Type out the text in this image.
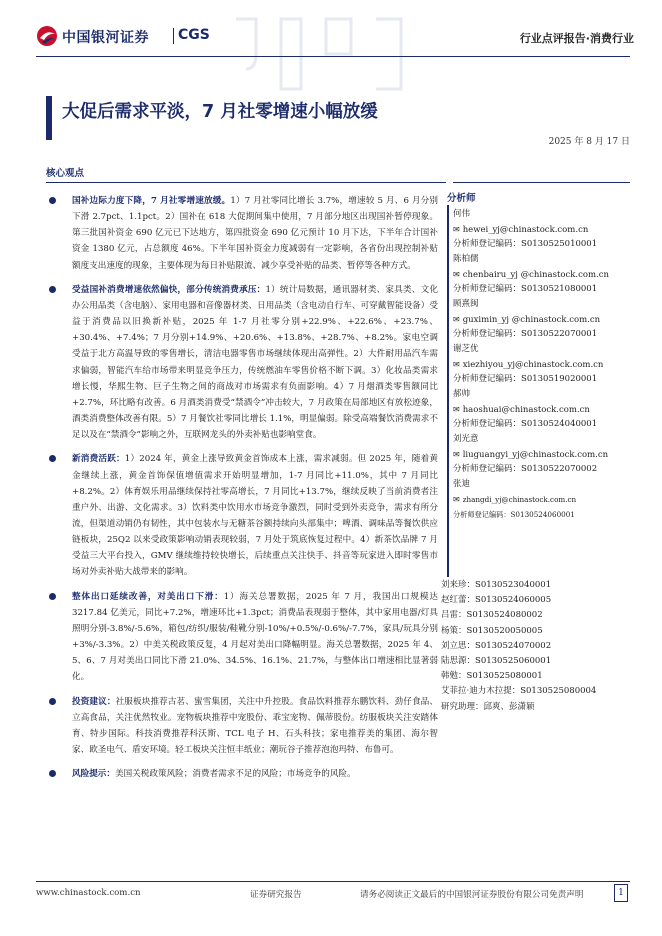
中国银河证券 CGS	行业点评报告·消费行业
大促后需求平淡，7 月社零增速小幅放缓
2025 年 8 月 17 日
核心观点
国补边际力度下降，7 月社零增速放缓。1）7 月社零同比增长 3.7%，增速较 5 月、6 月分别下滑 2.7pct、1.1pct。2）国补在 618 大促期间集中使用，7 月部分地区出现国补暂停现象。第三批国补资金 690 亿元已下达地方，第四批资金 690 亿元预计 10 月下达，下半年合计国补资金 1380 亿元，占总额度 46%。下半年国补资金力度减弱有一定影响，各省份出现控制补贴额度支出速度的现象，主要体现为每日补贴限流、减少享受补贴的品类、暂停等各种方式。
受益国补消费增速依然偏快，部分传统消费承压：1）统计局数据，通讯器材类、家具类、文化办公用品类（含电脑）、家用电器和音像器材类、日用品类（含电动自行车、可穿戴智能设备）受益于消费品以旧换新补贴，2025 年 1-7 月社零分别+22.9%、+22.6%、+23.7%、+30.4%、+7.4%；7 月分别+14.9%、+20.6%、+13.8%、+28.7%、+8.2%。家电空调受益于北方高温导致的零售增长，清洁电器零售市场继续体现出高弹性。2）大件耐用品汽车需求偏弱，智能汽车给市场带来明显竞争压力，传统燃油车零售价格不断下调。3）化妆品类需求增长慢，华熙生物、巨子生物之间的商战对市场需求有负面影响。4）7 月烟酒类零售额同比+2.7%，环比略有改善。6 月酒类消费受“禁酒令”冲击较大，7 月政策在局部地区有放松迹象，酒类消费整体改善有限。5）7 月餐饮社零同比增长 1.1%，明显偏弱。除受高端餐饮消费需求不足以及在“禁酒令”影响之外，互联网龙头的外卖补贴也影响堂食。
新消费活跃：1）2024 年，黄金上涨导致黄金首饰成本上涨，需求减弱。但 2025 年，随着黄金继续上涨，黄金首饰保值增值需求开始明显增加，1-7 月同比+11.0%，其中 7 月同比+8.2%。2）体育娱乐用品继续保持社零高增长，7 月同比+13.7%，继续反映了当前消费者注重户外、出游、文化需求。3）饮料类中饮用水市场竞争激烈，同时受到外卖竞争，需求有所分流，但渠道动销仍有韧性，其中包装水与无糖茶谷额持续向头部集中；啤酒、调味品等餐饮供应链板块，25Q2 以来受政策影响动销表现较弱，7 月处于筑底恢复过程中。4）新茶饮品牌 7 月受益三大平台投入，GMV 继续维持较快增长，后续重点关注快手、抖音等玩家进入即时零售市场对外卖补贴大战带来的影响。
整体出口延续改善，对美出口下滑：1）海关总署数据，2025 年 7 月，我国出口规模达 3217.84 亿美元，同比+7.2%，增速环比+1.3pct；消费品表现弱于整体，其中家用电器/灯具照明分别-3.8%/-5.6%，箱包/纺织/服装/鞋靴分别-10%/+0.5%/-0.6%/-7.7%，家具/玩具分别+3%/-3.3%。2）中美关税政策反复，4 月起对美出口降幅明显。海关总署数据，2025 年 4、5、6、7 月对美出口同比下滑 21.0%、34.5%、16.1%、21.7%，与整体出口增速相比显著弱化。
投资建议：社服板块推荐古茗、蜜雪集团，关注中升控股。食品饮料推荐东鹏饮料、劲仔食品、立高食品，关注优然牧业。宠物板块推荐中宠股份、乖宝宠物、佩蒂股份。纺服板块关注安踏体育、特步国际。科技消费推荐科沃斯、TCL 电子 H、石头科技；家电推荐美的集团、海尔智家、欧圣电气、盾安环境。轻工板块关注恒丰纸业；潮玩谷子推荐泡泡玛特、布鲁可。
风险提示：美国关税政策风险；消费者需求不足的风险；市场竞争的风险。
分析师
何伟
✉ hewei_yj@chinastock.com.cn
分析师登记编码：S0130525010001
陈柏儒
✉ chenbairu_yj @chinastock.com.cn
分析师登记编码：S0130521080001
顾熹闽
✉ guximin_yj @chinastock.com.cn
分析师登记编码：S0130522070001
谢芝优
✉ xiezhiyou_yj@chinastock.com.cn
分析师登记编码：S0130519020001
郝帅
✉ haoshuai@chinastock.com.cn
分析师登记编码：S0130524040001
刘光意
✉ liuguangyi_yj@chinastock.com.cn
分析师登记编码：S0130522070002
张迪
✉ zhangdi_yj@chinastock.com.cn
分析师登记编码：S0130524060001
刘来珍：S0130523040001
赵红蕾：S0130524060005
吕雷：S0130524080002
杨策：S0130520050005
刘立思：S0130524070002
陆思源：S0130525060001
韩勉：S0130525080001
艾菲拉·迪力木拉提：S0130525080004
研究助理：邱爽、彭潇颖
www.chinastock.com.cn	证券研究报告	请务必阅读正文最后的中国银河证券股份有限公司免责声明	1
